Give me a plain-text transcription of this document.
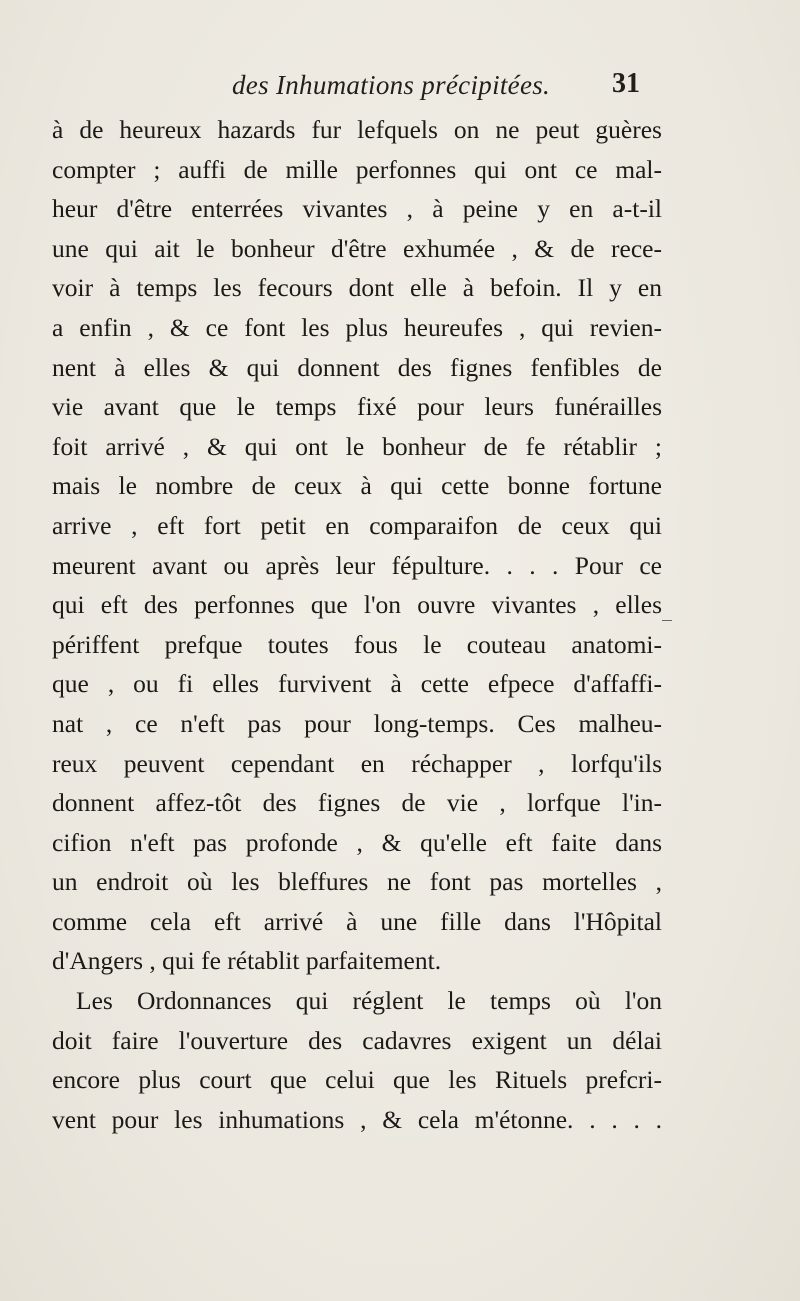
des Inhumations précipitées. 31
à de heureux hazards fur lefquels on ne peut guères
compter ; auffi de mille perfonnes qui ont ce mal-
heur d'être enterrées vivantes , à peine y en a-t-il
une qui ait le bonheur d'être exhumée , & de rece-
voir à temps les fecours dont elle à befoin. Il y en
a enfin , & ce font les plus heureufes , qui revien-
nent à elles & qui donnent des fignes fenfibles de
vie avant que le temps fixé pour leurs funérailles
foit arrivé , & qui ont le bonheur de fe rétablir ;
mais le nombre de ceux à qui cette bonne fortune
arrive , eft fort petit en comparaifon de ceux qui
meurent avant ou après leur fépulture. . . . Pour ce
qui eft des perfonnes que l'on ouvre vivantes , elles
périffent prefque toutes fous le couteau anatomi-
que , ou fi elles furvivent à cette efpece d'affaffi-
nat , ce n'eft pas pour long-temps. Ces malheu-
reux peuvent cependant en réchapper , lorfqu'ils
donnent affez-tôt des fignes de vie , lorfque l'in-
cifion n'eft pas profonde , & qu'elle eft faite dans
un endroit où les bleffures ne font pas mortelles ,
comme cela eft arrivé à une fille dans l'Hôpital
d'Angers , qui fe rétablit parfaitement.
Les Ordonnances qui réglent le temps où l'on
doit faire l'ouverture des cadavres exigent un délai
encore plus court que celui que les Rituels prefcri-
vent pour les inhumations , & cela m'étonne. . . . .
